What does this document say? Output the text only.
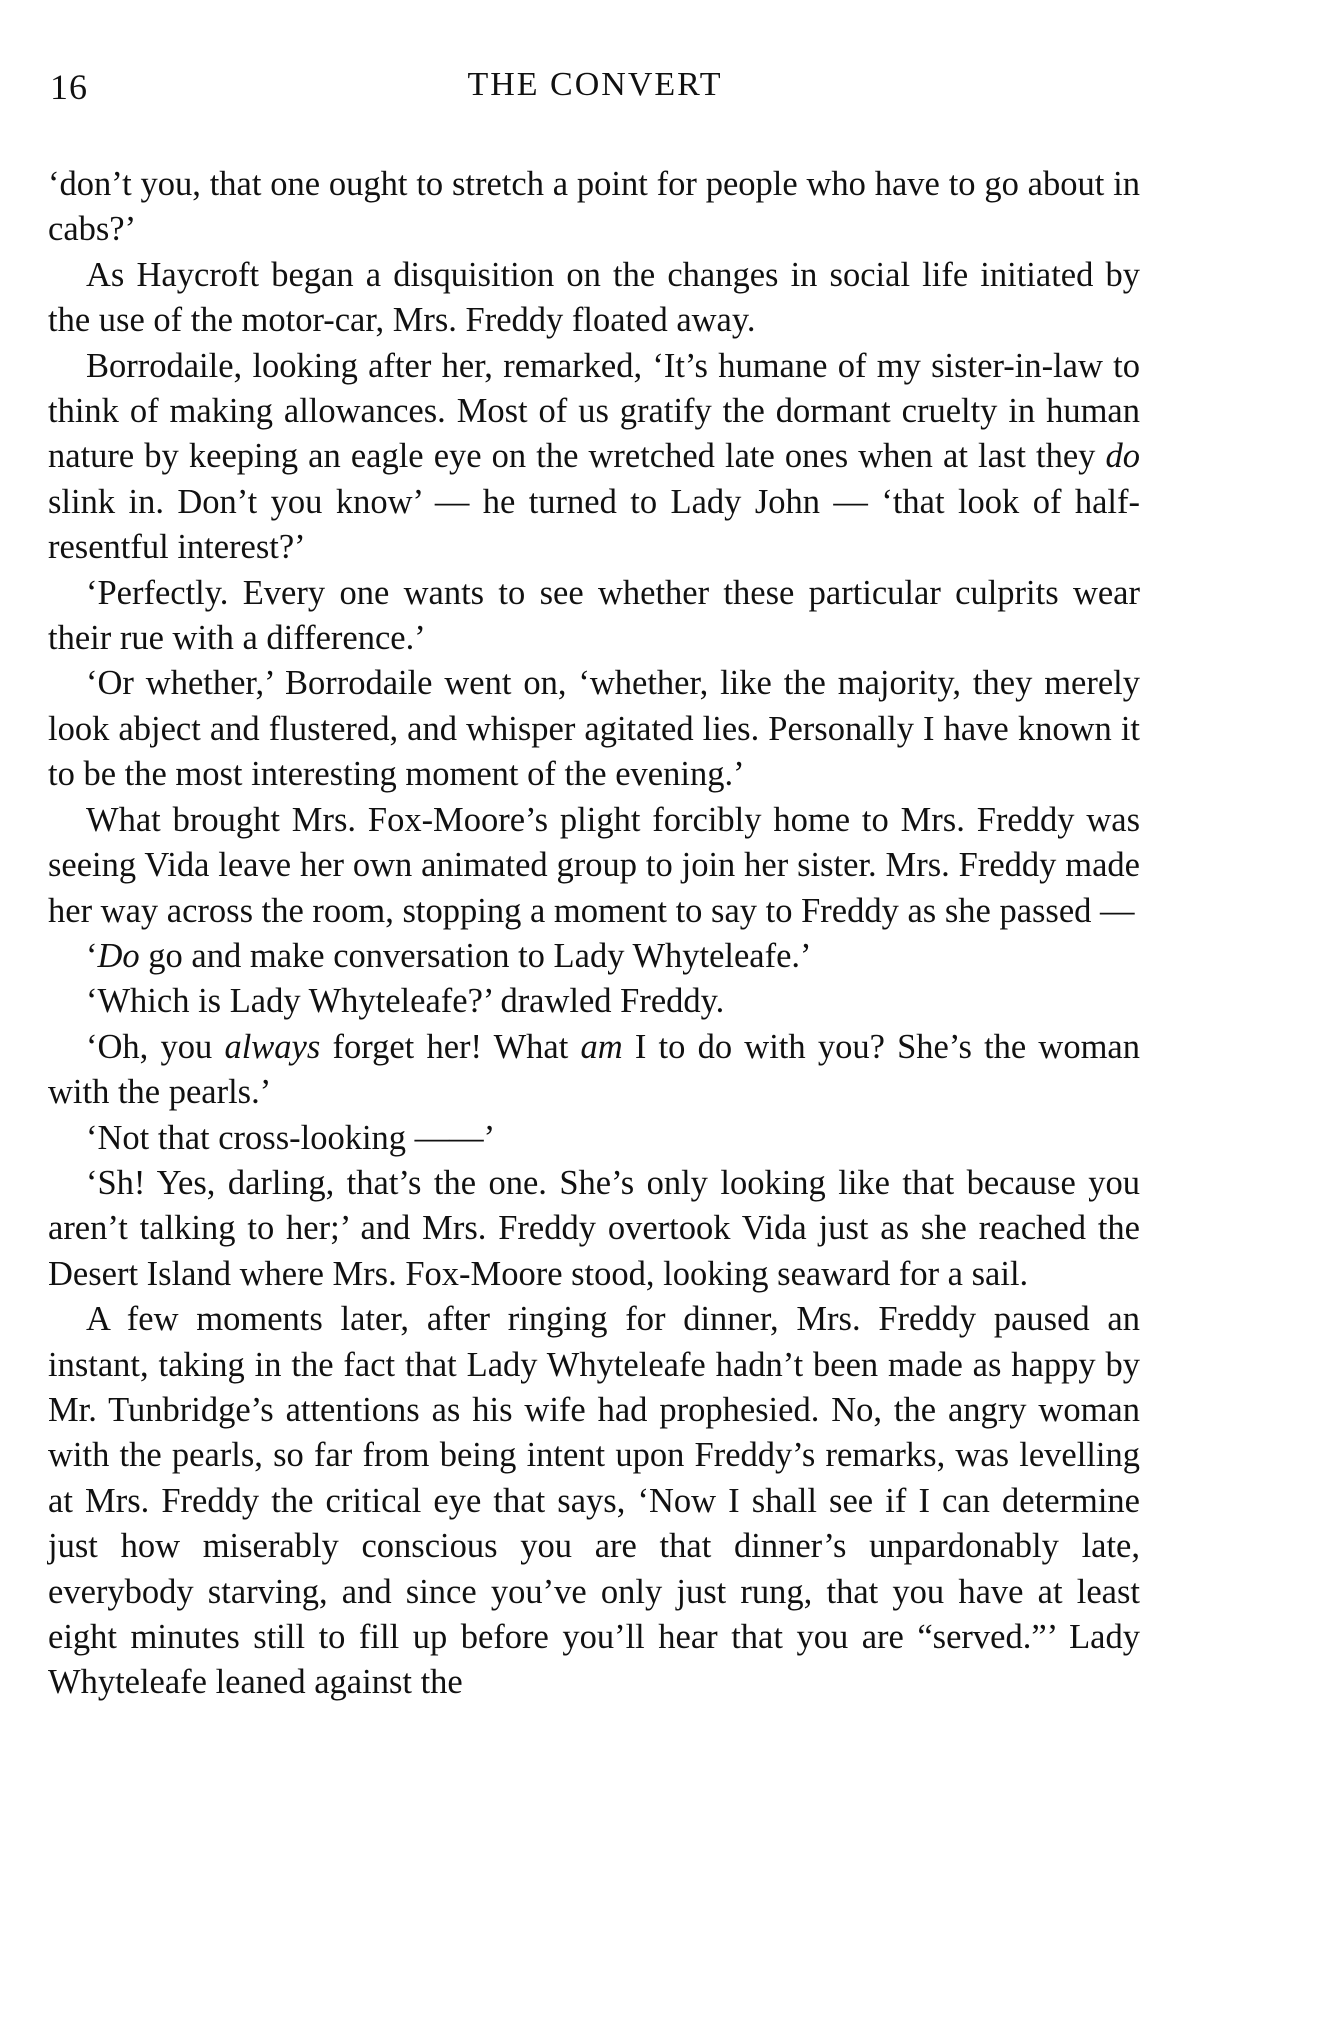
16	THE CONVERT

‘don’t you, that one ought to stretch a point for people who have to go about in cabs?’

As Haycroft began a disquisition on the changes in social life initiated by the use of the motor-car, Mrs. Freddy floated away.

Borrodaile, looking after her, remarked, ‘It’s humane of my sister-in-law to think of making allowances. Most of us gratify the dormant cruelty in human nature by keeping an eagle eye on the wretched late ones when at last they do slink in. Don’t you know’ — he turned to Lady John — ‘that look of half-resentful interest?’

‘Perfectly. Every one wants to see whether these particular culprits wear their rue with a difference.’

‘Or whether,’ Borrodaile went on, ‘whether, like the majority, they merely look abject and flustered, and whisper agitated lies. Personally I have known it to be the most interesting moment of the evening.’

What brought Mrs. Fox-Moore’s plight forcibly home to Mrs. Freddy was seeing Vida leave her own animated group to join her sister. Mrs. Freddy made her way across the room, stopping a moment to say to Freddy as she passed —

‘Do go and make conversation to Lady Whyteleafe.’

‘Which is Lady Whyteleafe?’ drawled Freddy.

‘Oh, you always forget her! What am I to do with you? She’s the woman with the pearls.’

‘Not that cross-looking ——’

‘Sh! Yes, darling, that’s the one. She’s only looking like that because you aren’t talking to her;’ and Mrs. Freddy overtook Vida just as she reached the Desert Island where Mrs. Fox-Moore stood, looking seaward for a sail.

A few moments later, after ringing for dinner, Mrs. Freddy paused an instant, taking in the fact that Lady Whyteleafe hadn’t been made as happy by Mr. Tunbridge’s attentions as his wife had prophesied. No, the angry woman with the pearls, so far from being intent upon Freddy’s remarks, was levelling at Mrs. Freddy the critical eye that says, ‘Now I shall see if I can determine just how miserably conscious you are that dinner’s unpardonably late, everybody starving, and since you’ve only just rung, that you have at least eight minutes still to fill up before you’ll hear that you are “served.”’ Lady Whyteleafe leaned against the
